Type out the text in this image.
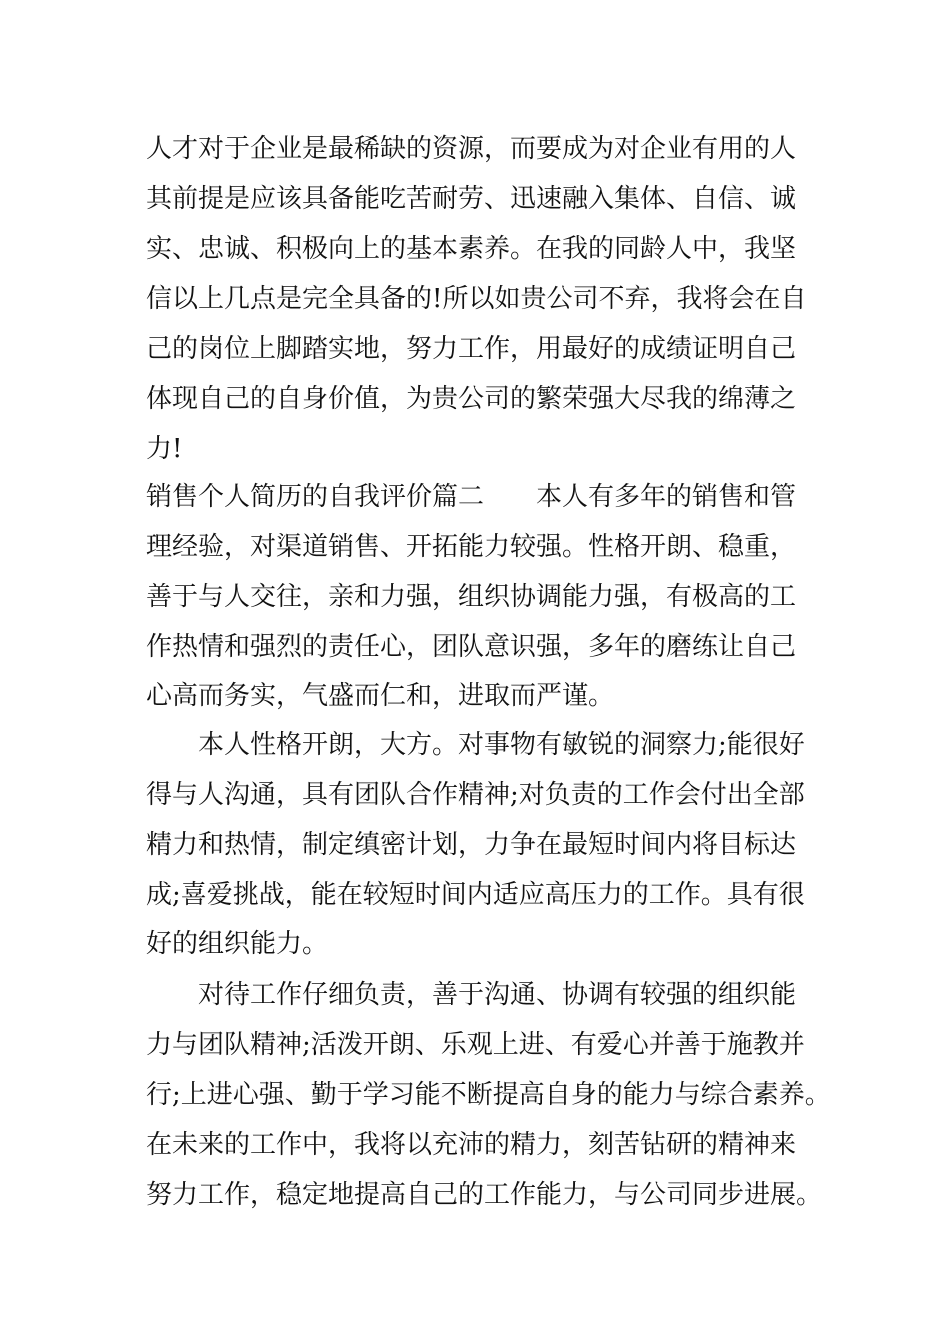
人才对于企业是最稀缺的资源，而要成为对企业有用的人
其前提是应该具备能吃苦耐劳、迅速融入集体、自信、诚
实、忠诚、积极向上的基本素养。在我的同龄人中，我坚
信以上几点是完全具备的!所以如贵公司不弃，我将会在自
己的岗位上脚踏实地，努力工作，用最好的成绩证明自己
体现自己的自身价值，为贵公司的繁荣强大尽我的绵薄之
力!
销售个人简历的自我评价篇二　　本人有多年的销售和管
理经验，对渠道销售、开拓能力较强。性格开朗、稳重，
善于与人交往，亲和力强，组织协调能力强，有极高的工
作热情和强烈的责任心，团队意识强，多年的磨练让自己
心高而务实，气盛而仁和，进取而严谨。
　　本人性格开朗，大方。对事物有敏锐的洞察力;能很好
得与人沟通，具有团队合作精神;对负责的工作会付出全部
精力和热情，制定缜密计划，力争在最短时间内将目标达
成;喜爱挑战，能在较短时间内适应高压力的工作。具有很
好的组织能力。
　　对待工作仔细负责，善于沟通、协调有较强的组织能
力与团队精神;活泼开朗、乐观上进、有爱心并善于施教并
行;上进心强、勤于学习能不断提高自身的能力与综合素养。
在未来的工作中，我将以充沛的精力，刻苦钻研的精神来
努力工作，稳定地提高自己的工作能力，与公司同步进展。
